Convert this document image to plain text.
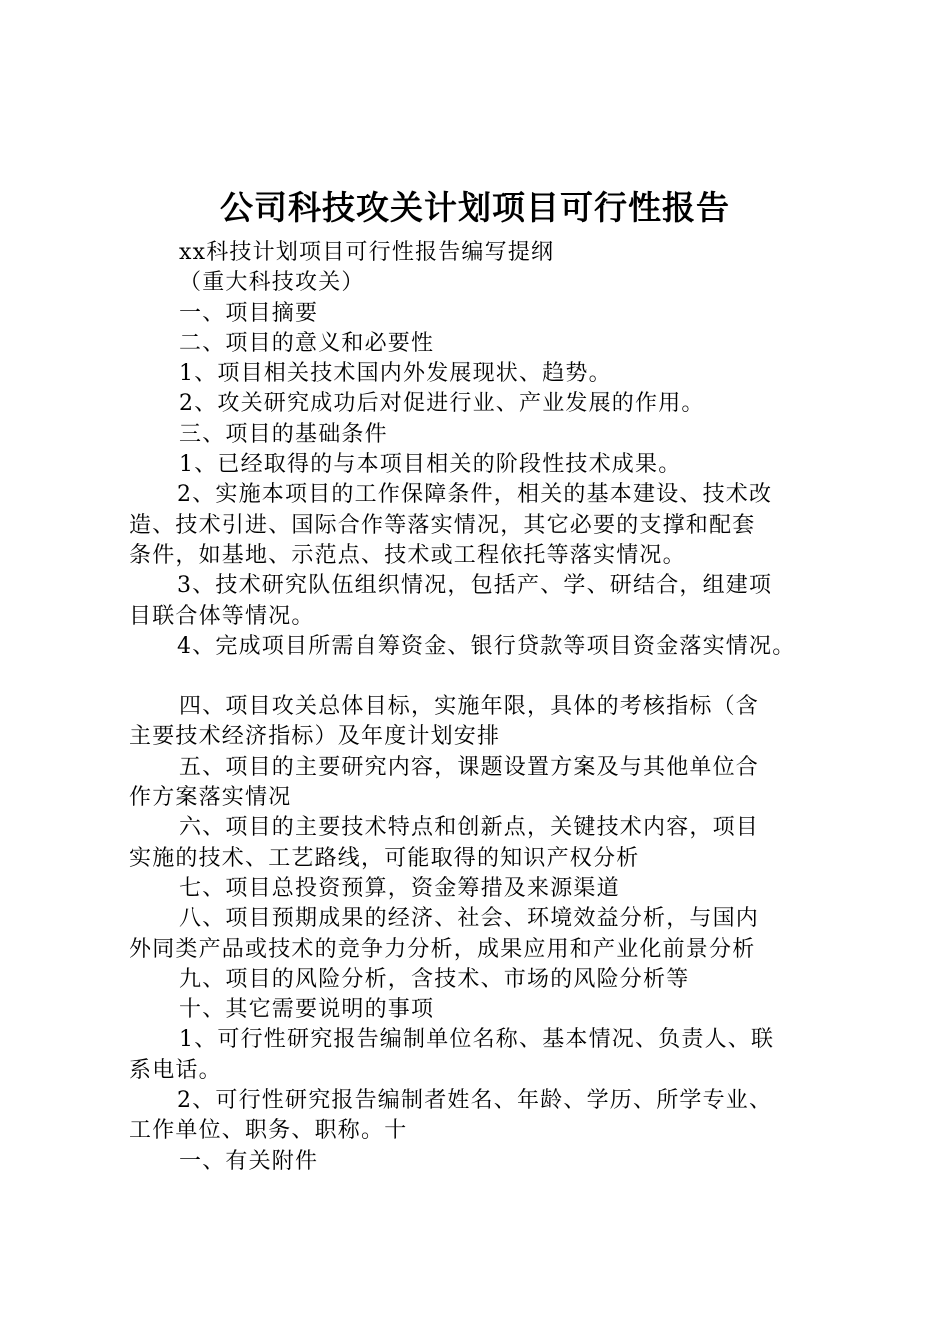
公司科技攻关计划项目可行性报告

xx科技计划项目可行性报告编写提纲

（重大科技攻关）

一、项目摘要

二、项目的意义和必要性

1、项目相关技术国内外发展现状、趋势。

2、攻关研究成功后对促进行业、产业发展的作用。

三、项目的基础条件

1、已经取得的与本项目相关的阶段性技术成果。

2、实施本项目的工作保障条件，相关的基本建设、技术改

造、技术引进、国际合作等落实情况，其它必要的支撑和配套

条件，如基地、示范点、技术或工程依托等落实情况。

3、技术研究队伍组织情况，包括产、学、研结合，组建项

目联合体等情况。

4、完成项目所需自筹资金、银行贷款等项目资金落实情况。

四、项目攻关总体目标，实施年限，具体的考核指标（含

主要技术经济指标）及年度计划安排

五、项目的主要研究内容，课题设置方案及与其他单位合

作方案落实情况

六、项目的主要技术特点和创新点，关键技术内容，项目

实施的技术、工艺路线，可能取得的知识产权分析

七、项目总投资预算，资金筹措及来源渠道

八、项目预期成果的经济、社会、环境效益分析，与国内

外同类产品或技术的竞争力分析，成果应用和产业化前景分析

九、项目的风险分析，含技术、市场的风险分析等

十、其它需要说明的事项

1、可行性研究报告编制单位名称、基本情况、负责人、联

系电话。

2、可行性研究报告编制者姓名、年龄、学历、所学专业、

工作单位、职务、职称。十

一、有关附件
